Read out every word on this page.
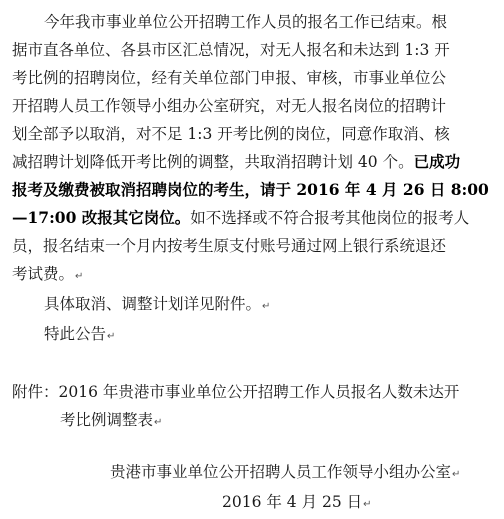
今年我市事业单位公开招聘工作人员的报名工作已结束。根
据市直各单位、各县市区汇总情况，对无人报名和未达到 1:3 开
考比例的招聘岗位，经有关单位部门申报、审核，市事业单位公
开招聘人员工作领导小组办公室研究，对无人报名岗位的招聘计
划全部予以取消，对不足 1:3 开考比例的岗位，同意作取消、核
减招聘计划降低开考比例的调整，共取消招聘计划 40 个。已成功
报考及缴费被取消招聘岗位的考生，请于 2016 年 4 月 26 日 8:00
—17:00 改报其它岗位。如不选择或不符合报考其他岗位的报考人
员，报名结束一个月内按考生原支付账号通过网上银行系统退还
考试费。↵
具体取消、调整计划详见附件。↵
特此公告↵
附件：2016 年贵港市事业单位公开招聘工作人员报名人数未达开
考比例调整表↵
贵港市事业单位公开招聘人员工作领导小组办公室↵
2016 年 4 月 25 日↵
